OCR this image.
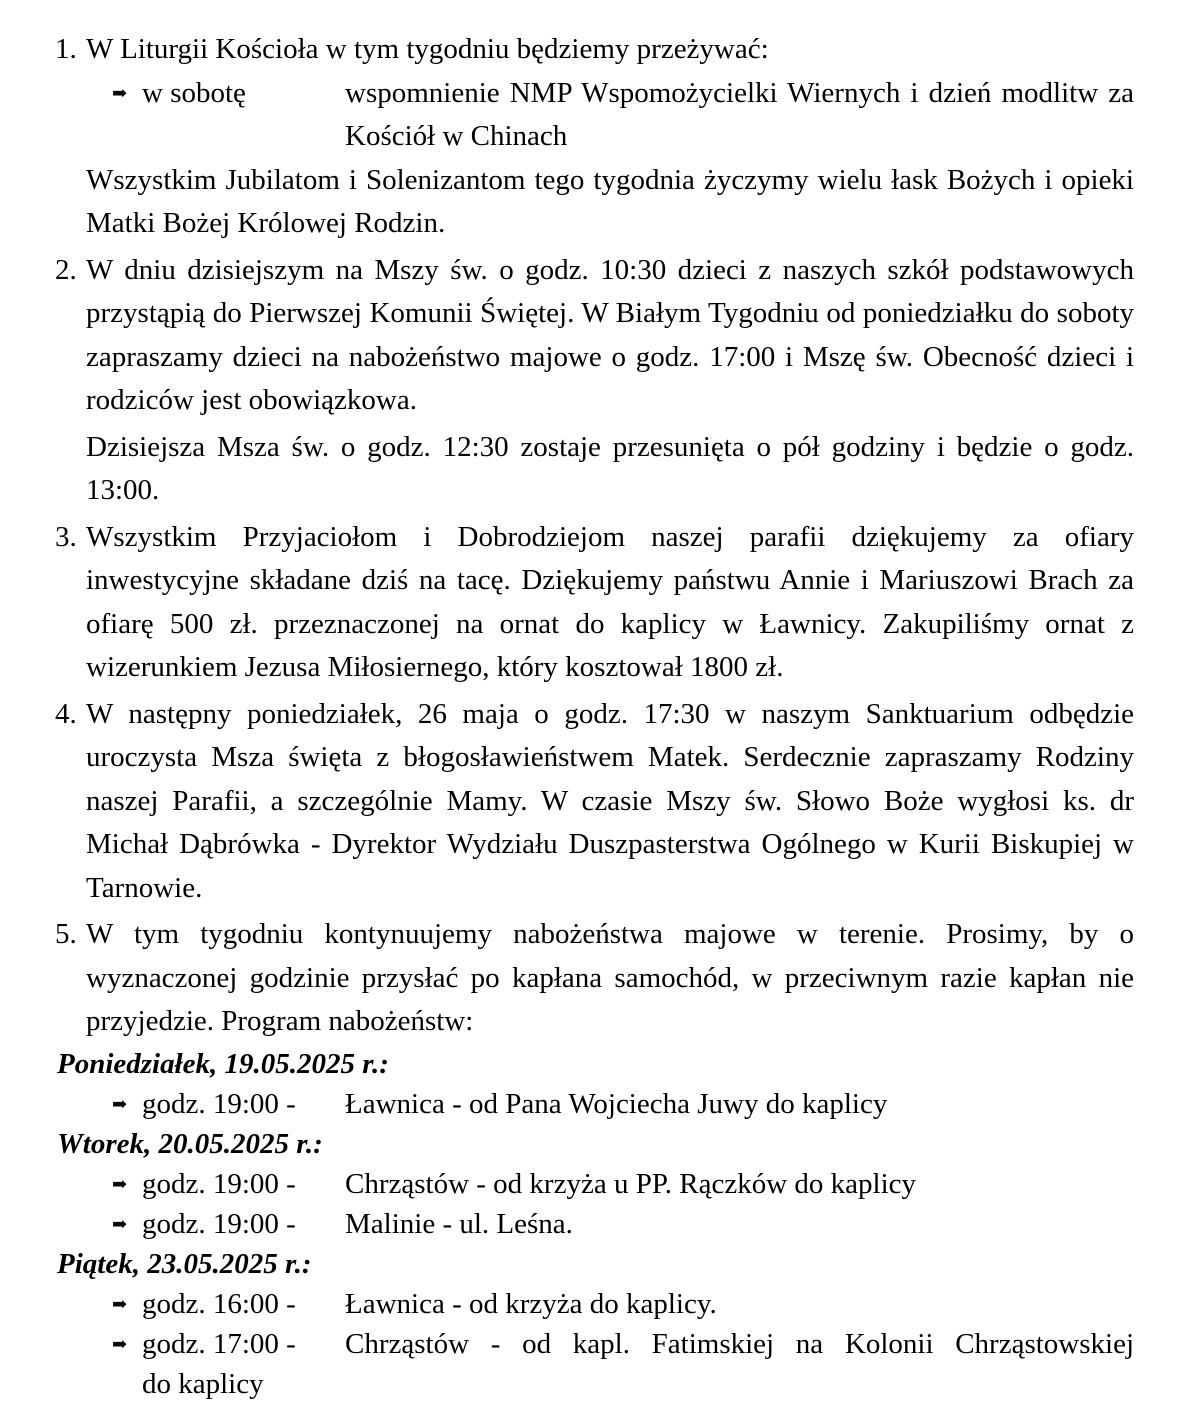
1. W Liturgii Kościoła w tym tygodniu będziemy przeżywać:
➡ w sobotę	wspomnienie NMP Wspomożycielki Wiernych i dzień modlitw za Kościół w Chinach
Wszystkim Jubilatom i Solenizantom tego tygodnia życzymy wielu łask Bożych i opieki Matki Bożej Królowej Rodzin.
2. W dniu dzisiejszym na Mszy św. o godz. 10:30 dzieci z naszych szkół podstawowych przystąpią do Pierwszej Komunii Świętej. W Białym Tygodniu od poniedziałku do soboty zapraszamy dzieci na nabożeństwo majowe o godz. 17:00 i Mszę św. Obecność dzieci i rodziców jest obowiązkowa.
Dzisiejsza Msza św. o godz. 12:30 zostaje przesunięta o pół godziny i będzie o godz. 13:00.
3. Wszystkim Przyjaciołom i Dobrodziejom naszej parafii dziękujemy za ofiary inwestycyjne składane dziś na tacę. Dziękujemy państwu Annie i Mariuszowi Brach za ofiarę 500 zł. przeznaczonej na ornat do kaplicy w Ławnicy. Zakupiliśmy ornat z wizerunkiem Jezusa Miłosiernego, który kosztował 1800 zł.
4. W następny poniedziałek, 26 maja o godz. 17:30 w naszym Sanktuarium odbędzie uroczysta Msza święta z błogosławieństwem Matek. Serdecznie zapraszamy Rodziny naszej Parafii, a szczególnie Mamy. W czasie Mszy św. Słowo Boże wygłosi ks. dr Michał Dąbrówka - Dyrektor Wydziału Duszpasterstwa Ogólnego w Kurii Biskupiej w Tarnowie.
5. W tym tygodniu kontynuujemy nabożeństwa majowe w terenie. Prosimy, by o wyznaczonej godzinie przysłać po kapłana samochód, w przeciwnym razie kapłan nie przyjedzie. Program nabożeństw:
Poniedziałek, 19.05.2025 r.:
➡ godz. 19:00 -	Ławnica - od Pana Wojciecha Juwy do kaplicy
Wtorek, 20.05.2025 r.:
➡ godz. 19:00 -	Chrząstów - od krzyża u PP. Rączków do kaplicy
➡ godz. 19:00 -	Malinie - ul. Leśna.
Piątek, 23.05.2025 r.:
➡ godz. 16:00 -	Ławnica - od krzyża do kaplicy.
➡ godz. 17:00 -	Chrząstów - od kapl. Fatimskiej na Kolonii Chrząstowskiej
do kaplicy
